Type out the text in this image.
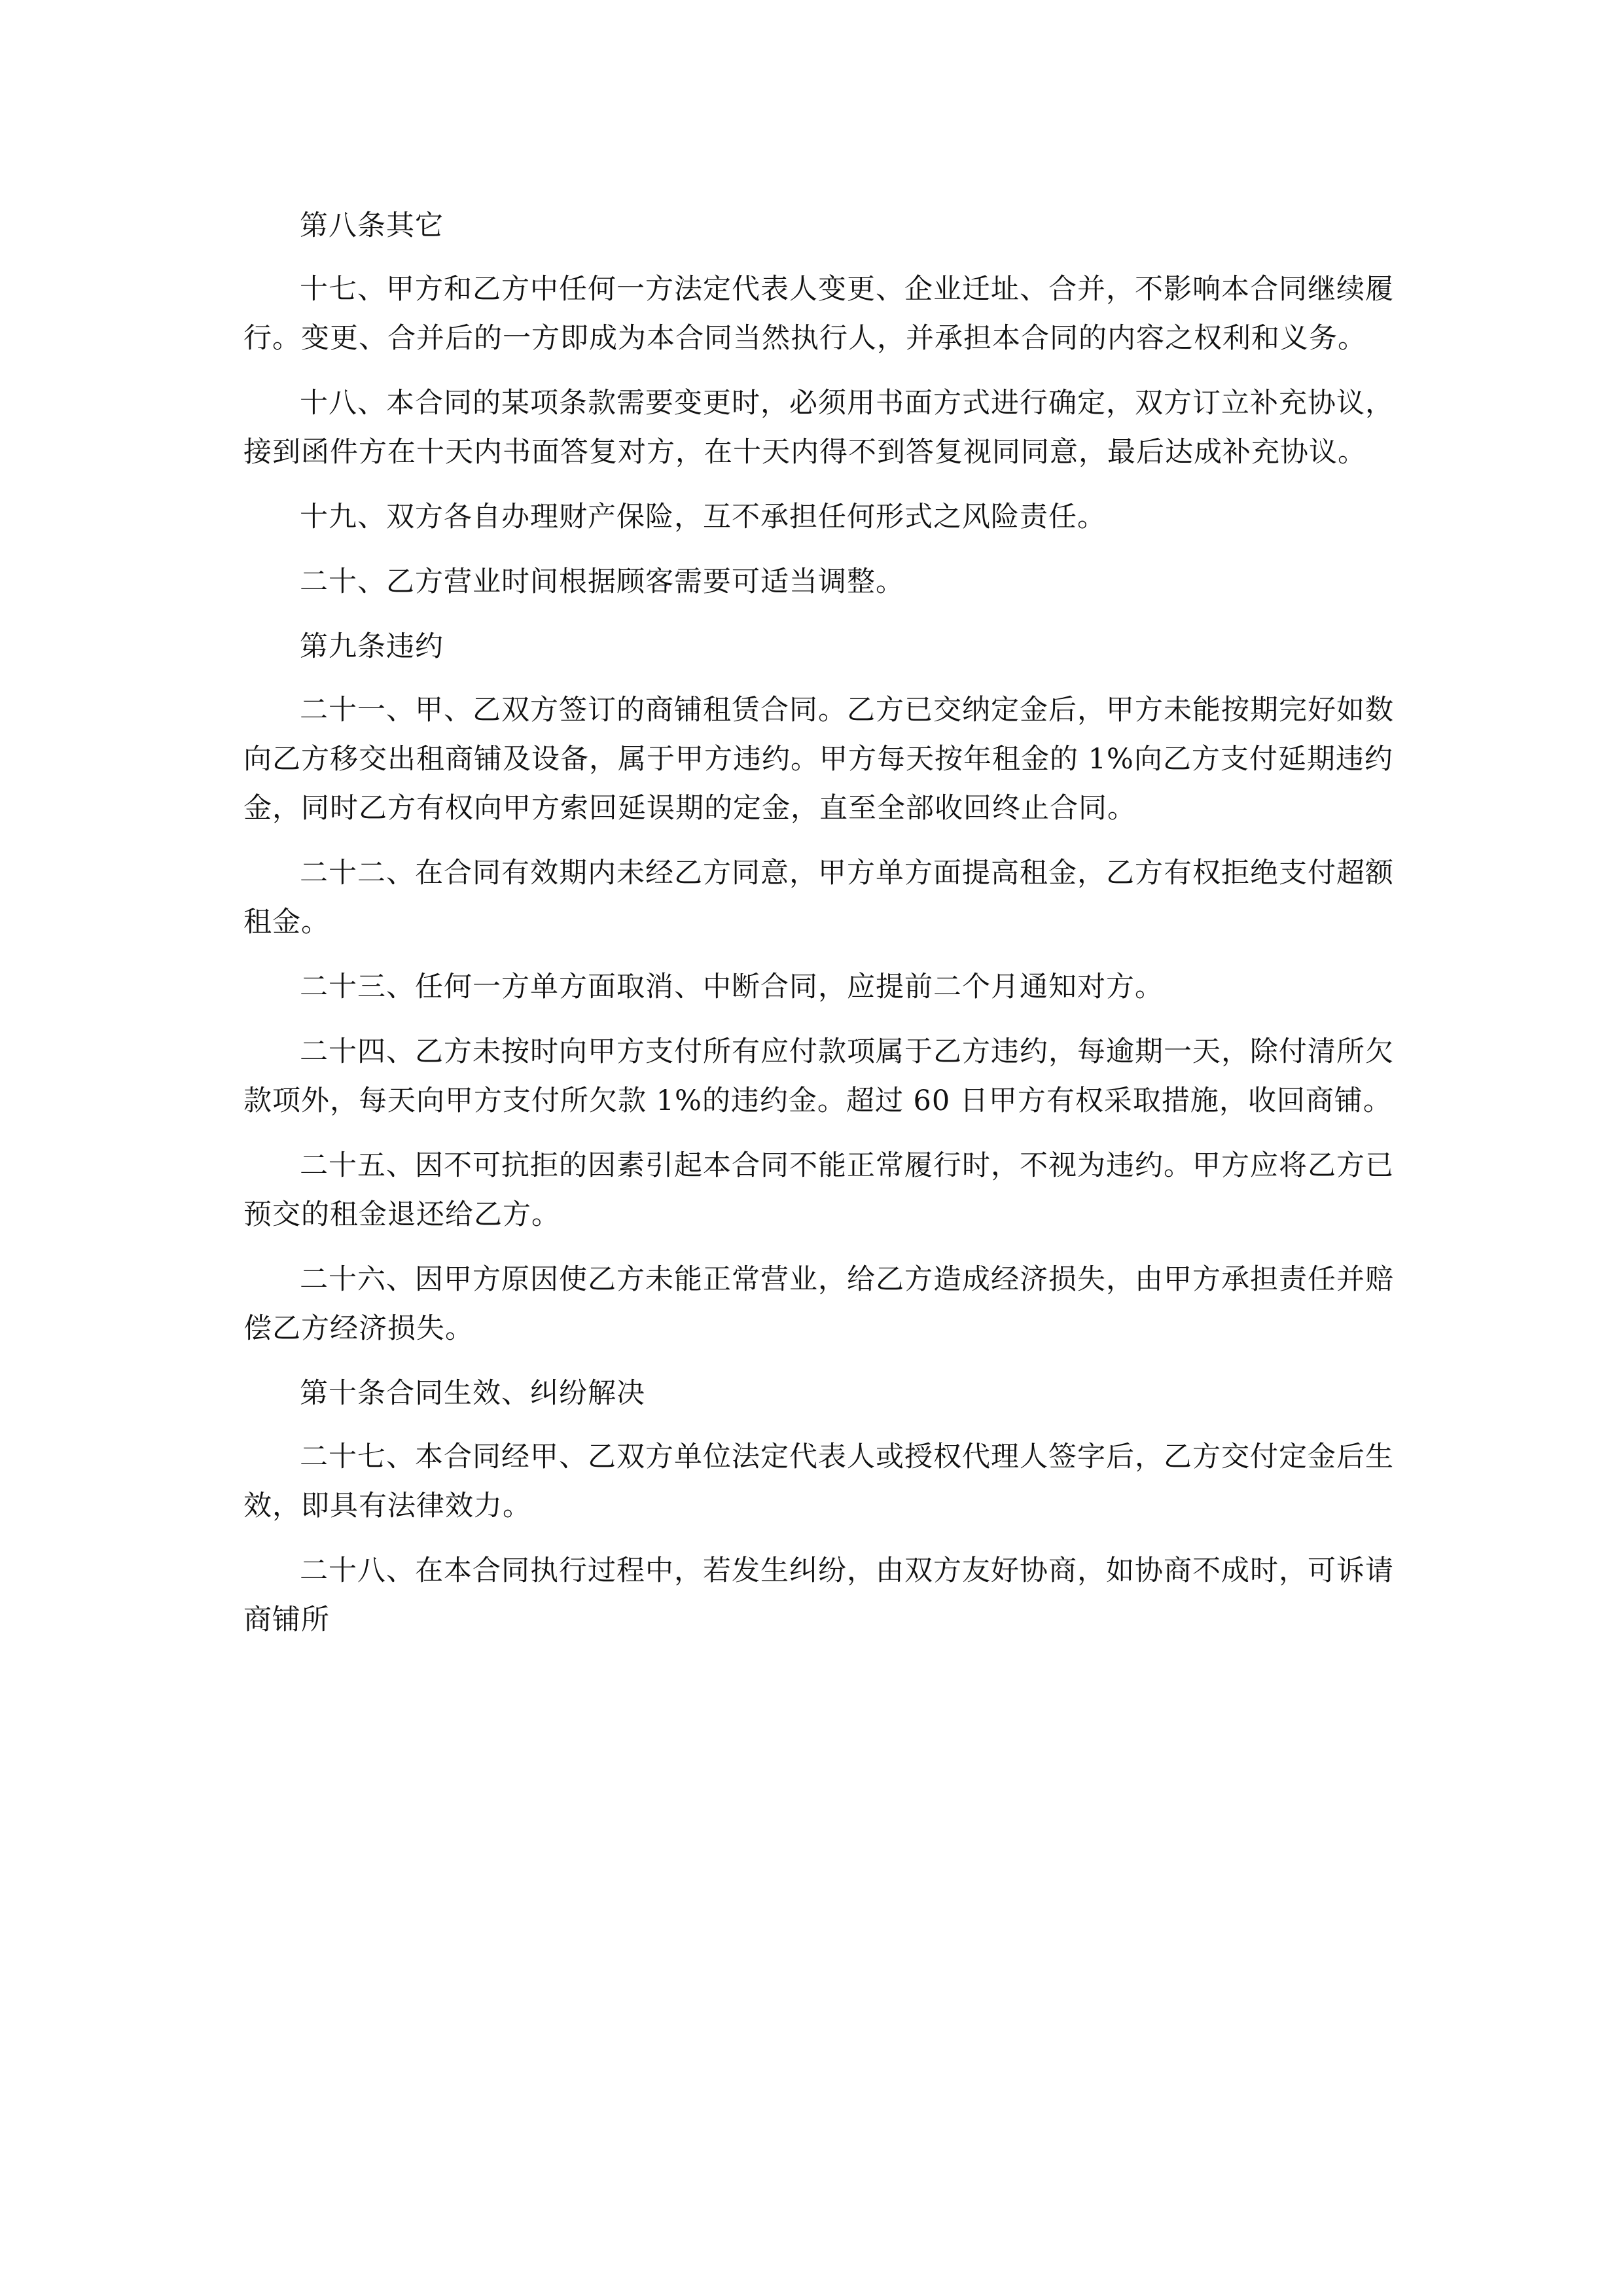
第八条其它

十七、甲方和乙方中任何一方法定代表人变更、企业迁址、合并，不影响本合同继续履行。变更、合并后的一方即成为本合同当然执行人，并承担本合同的内容之权利和义务。

十八、本合同的某项条款需要变更时，必须用书面方式进行确定，双方订立补充协议，接到函件方在十天内书面答复对方，在十天内得不到答复视同同意，最后达成补充协议。

十九、双方各自办理财产保险，互不承担任何形式之风险责任。

二十、乙方营业时间根据顾客需要可适当调整。

第九条违约

二十一、甲、乙双方签订的商铺租赁合同。乙方已交纳定金后，甲方未能按期完好如数向乙方移交出租商铺及设备，属于甲方违约。甲方每天按年租金的 1%向乙方支付延期违约金，同时乙方有权向甲方索回延误期的定金，直至全部收回终止合同。

二十二、在合同有效期内未经乙方同意，甲方单方面提高租金，乙方有权拒绝支付超额租金。

二十三、任何一方单方面取消、中断合同，应提前二个月通知对方。

二十四、乙方未按时向甲方支付所有应付款项属于乙方违约，每逾期一天，除付清所欠款项外，每天向甲方支付所欠款 1%的违约金。超过 60 日甲方有权采取措施，收回商铺。

二十五、因不可抗拒的因素引起本合同不能正常履行时，不视为违约。甲方应将乙方已预交的租金退还给乙方。

二十六、因甲方原因使乙方未能正常营业，给乙方造成经济损失，由甲方承担责任并赔偿乙方经济损失。

第十条合同生效、纠纷解决

二十七、本合同经甲、乙双方单位法定代表人或授权代理人签字后，乙方交付定金后生效，即具有法律效力。

二十八、在本合同执行过程中，若发生纠纷，由双方友好协商，如协商不成时，可诉请商铺所
